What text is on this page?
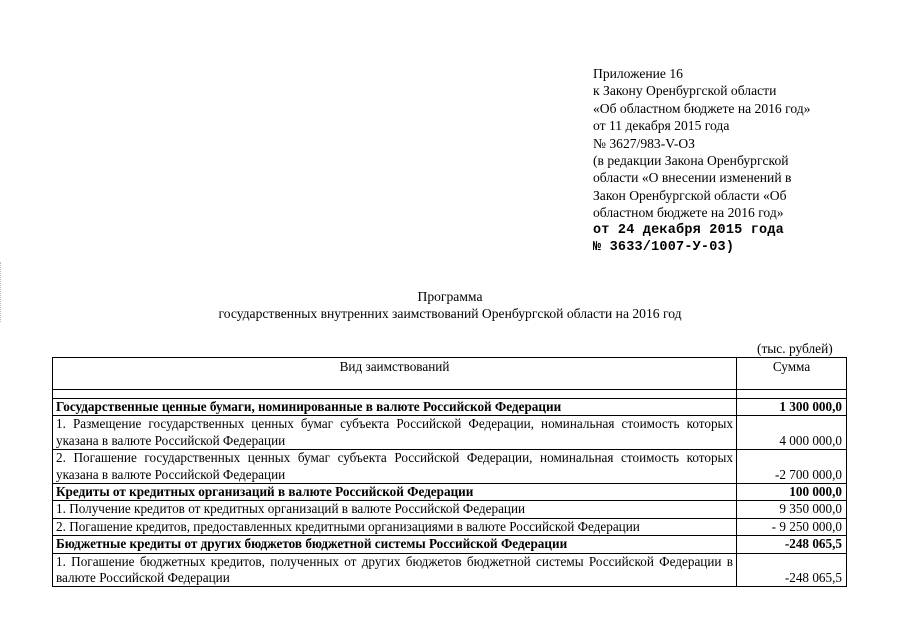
Приложение 16
к Закону Оренбургской области
«Об областном бюджете на 2016 год»
от 11 декабря 2015 года
№ 3627/983-V-ОЗ
(в редакции Закона Оренбургской
области «О внесении изменений в
Закон Оренбургской области «Об
областном бюджете на 2016 год»
от 24 декабря 2015 года
№ 3633/1007-У-03)
Программа
государственных внутренних заимствований Оренбургской области на 2016 год
(тыс. рублей)
Вид заимствований	Сумма

Государственные ценные бумаги, номинированные в валюте Российской Федерации	1 300 000,0
1. Размещение государственных ценных бумаг субъекта Российской Федерации, номинальная стоимость которых указана в валюте Российской Федерации	4 000 000,0
2. Погашение государственных ценных бумаг субъекта Российской Федерации, номинальная стоимость которых указана в валюте Российской Федерации	-2 700 000,0
Кредиты от кредитных организаций в валюте Российской Федерации	100 000,0
1. Получение кредитов от кредитных организаций в валюте Российской Федерации	9 350 000,0
2. Погашение кредитов, предоставленных кредитными организациями в валюте Российской Федерации	- 9 250 000,0
Бюджетные кредиты от других бюджетов бюджетной системы Российской Федерации	-248 065,5
1. Погашение бюджетных кредитов, полученных от других бюджетов бюджетной системы Российской Федерации в валюте Российской Федерации	-248 065,5
